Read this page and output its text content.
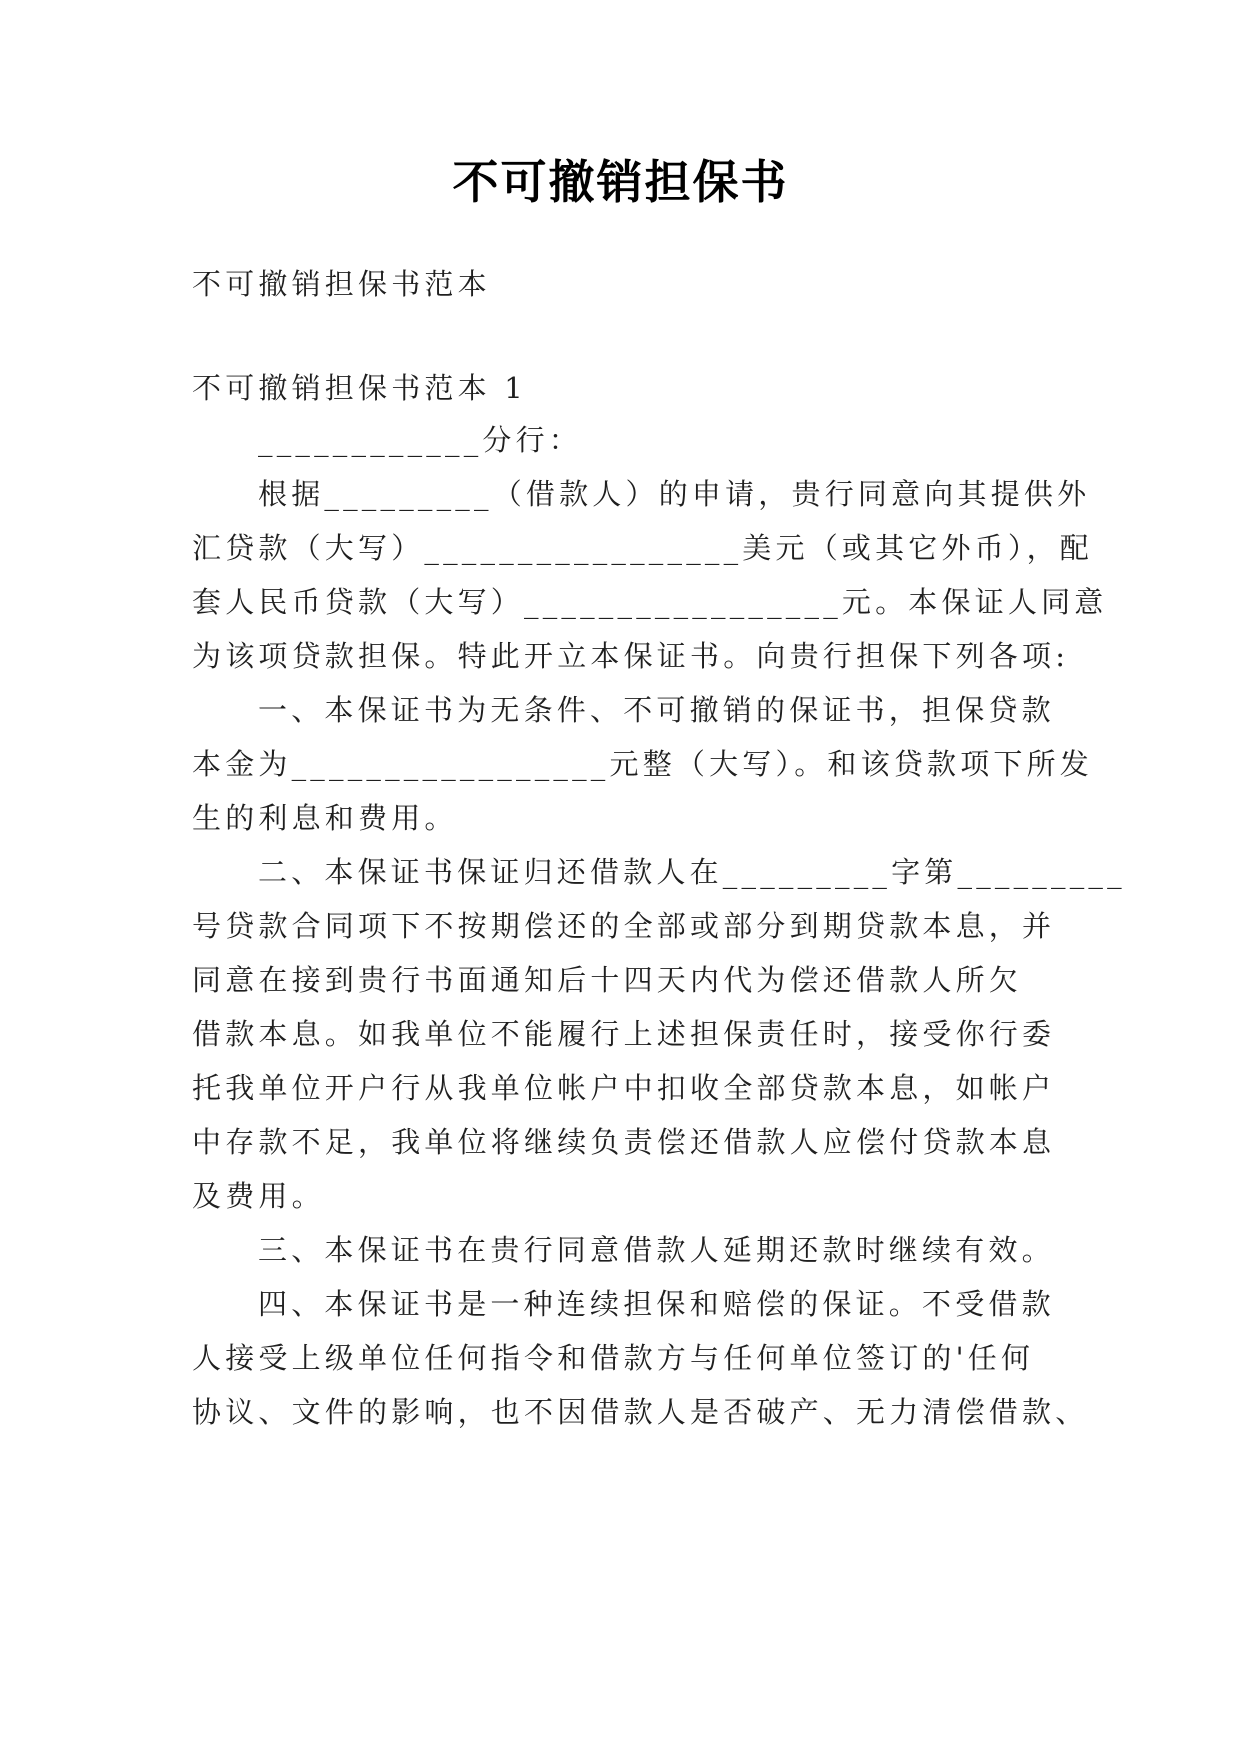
不可撤销担保书

不可撤销担保书范本

不可撤销担保书范本 1

____________分行：

根据_________（借款人）的申请，贵行同意向其提供外

汇贷款（大写）_________________美元（或其它外币），配

套人民币贷款（大写）_________________元。本保证人同意

为该项贷款担保。特此开立本保证书。向贵行担保下列各项:

一、本保证书为无条件、不可撤销的保证书，担保贷款

本金为_________________元整（大写）。和该贷款项下所发

生的利息和费用。

二、本保证书保证归还借款人在_________字第_________

号贷款合同项下不按期偿还的全部或部分到期贷款本息，并

同意在接到贵行书面通知后十四天内代为偿还借款人所欠

借款本息。如我单位不能履行上述担保责任时，接受你行委

托我单位开户行从我单位帐户中扣收全部贷款本息，如帐户

中存款不足，我单位将继续负责偿还借款人应偿付贷款本息

及费用。

三、本保证书在贵行同意借款人延期还款时继续有效。

四、本保证书是一种连续担保和赔偿的保证。不受借款

人接受上级单位任何指令和借款方与任何单位签订的'任何

协议、文件的影响，也不因借款人是否破产、无力清偿借款、
